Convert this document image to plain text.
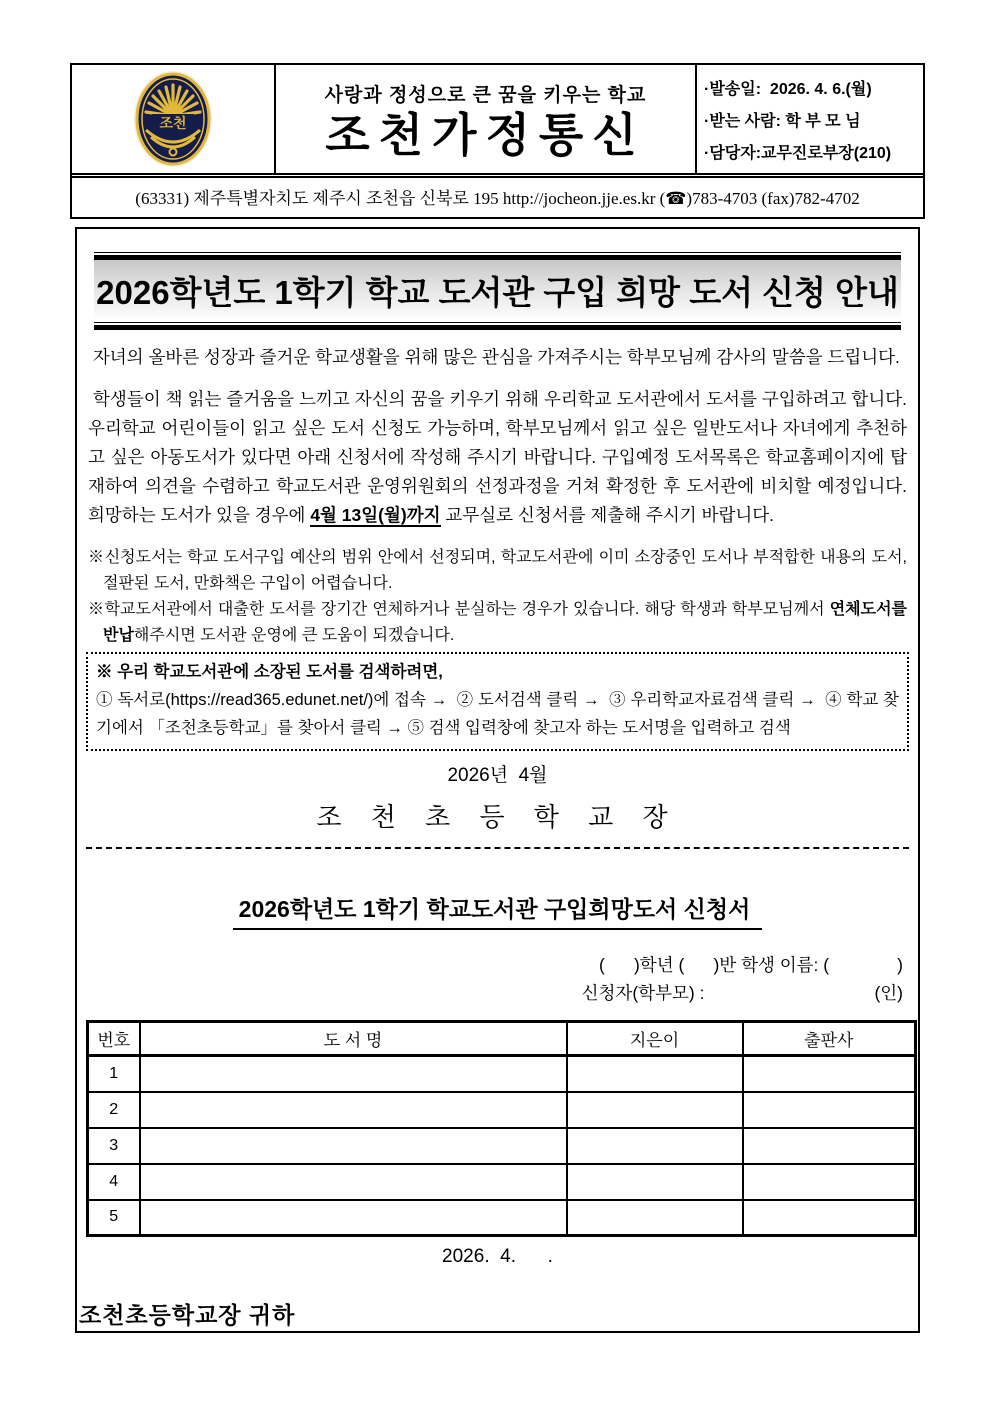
조천
사랑과 정성으로 큰 꿈을 키우는 학교
조천가정통신
·발송일:  2026. 4. 6.(월)
·받는 사람: 학 부 모 님
·담당자:교무진로부장(210)
(63331) 제주특별자치도 제주시 조천읍 신북로 195 http://jocheon.jje.es.kr (☎)783-4703 (fax)782-4702
2026학년도 1학기 학교 도서관 구입 희망 도서 신청 안내
자녀의 올바른 성장과 즐거운 학교생활을 위해 많은 관심을 가져주시는 학부모님께 감사의 말씀을 드립니다.
학생들이 책 읽는 즐거움을 느끼고 자신의 꿈을 키우기 위해 우리학교 도서관에서 도서를 구입하려고 합니다. 우리학교 어린이들이 읽고 싶은 도서 신청도 가능하며, 학부모님께서 읽고 싶은 일반도서나 자녀에게 추천하고 싶은 아동도서가 있다면 아래 신청서에 작성해 주시기 바랍니다. 구입예정 도서목록은 학교홈페이지에 탑재하여 의견을 수렴하고 학교도서관 운영위원회의 선정과정을 거쳐 확정한 후 도서관에 비치할 예정입니다. 희망하는 도서가 있을 경우에 4월 13일(월)까지 교무실로 신청서를 제출해 주시기 바랍니다.
※신청도서는 학교 도서구입 예산의 범위 안에서 선정되며, 학교도서관에 이미 소장중인 도서나 부적합한 내용의 도서, 절판된 도서, 만화책은 구입이 어렵습니다.
※학교도서관에서 대출한 도서를 장기간 연체하거나 분실하는 경우가 있습니다. 해당 학생과 학부모님께서 연체도서를 반납해주시면 도서관 운영에 큰 도움이 되겠습니다.
※ 우리 학교도서관에 소장된 도서를 검색하려면,
① 독서로(https://read365.edunet.net/)에 접속 →  ② 도서검색 클릭 →  ③ 우리학교자료검색 클릭 →  ④ 학교 찾기에서 「조천초등학교」를 찾아서 클릭 → ⑤ 검색 입력창에 찾고자 하는 도서명을 입력하고 검색
2026년  4월
조 천 초 등 학 교 장
2026학년도 1학기 학교도서관 구입희망도서 신청서
(      )학년 (      )반 학생 이름: (              )
신청자(학부모) :	(인)
번호	도 서 명	지은이	출판사
1			
2			
3			
4			
5			
2026.  4.      .
조천초등학교장 귀하
